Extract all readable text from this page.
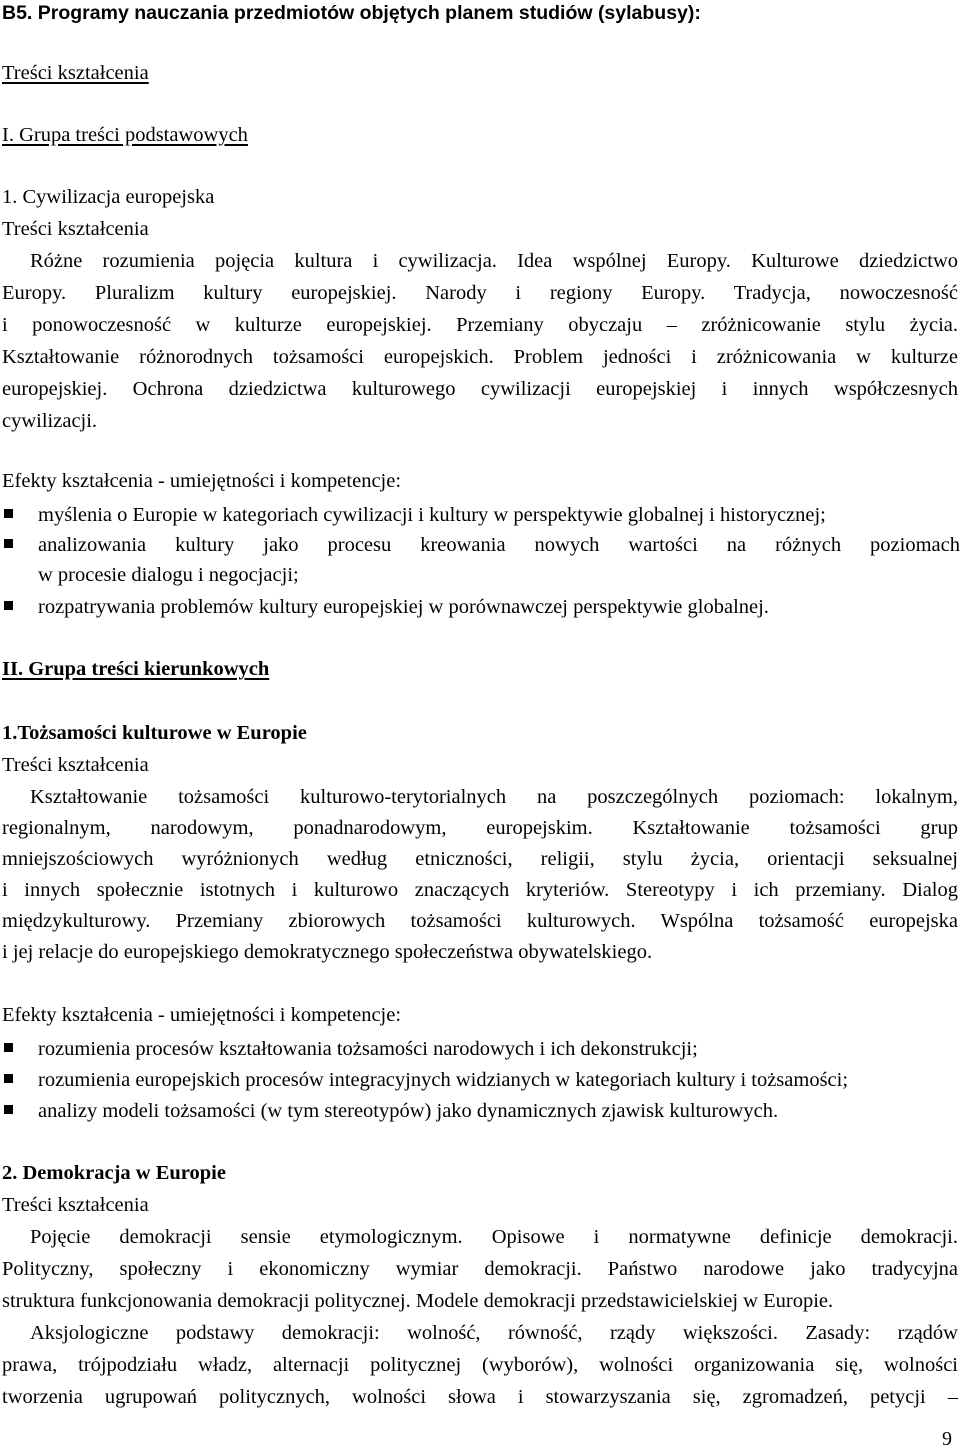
B5. Programy nauczania przedmiotów objętych planem studiów (sylabusy):
Treści kształcenia
I. Grupa treści podstawowych
1. Cywilizacja europejska
Treści kształcenia
Różne rozumienia pojęcia kultura i cywilizacja. Idea wspólnej Europy. Kulturowe dziedzictwo
Europy. Pluralizm kultury europejskiej. Narody i regiony Europy. Tradycja, nowoczesność
i ponowoczesność w kulturze europejskiej. Przemiany obyczaju – zróżnicowanie stylu życia.
Kształtowanie różnorodnych tożsamości europejskich. Problem jedności i zróżnicowania w kulturze
europejskiej. Ochrona dziedzictwa kulturowego cywilizacji europejskiej i innych współczesnych
cywilizacji.
Efekty kształcenia - umiejętności i kompetencje:
myślenia o Europie w kategoriach cywilizacji i kultury w perspektywie globalnej i historycznej;
analizowania kultury jako procesu kreowania nowych wartości na różnych poziomach
w procesie dialogu i negocjacji;
rozpatrywania problemów kultury europejskiej w porównawczej perspektywie globalnej.
II. Grupa treści kierunkowych
1.Tożsamości kulturowe w Europie
Treści kształcenia
Kształtowanie tożsamości kulturowo-terytorialnych na poszczególnych poziomach: lokalnym,
regionalnym, narodowym, ponadnarodowym, europejskim. Kształtowanie tożsamości grup
mniejszościowych wyróżnionych według etniczności, religii, stylu życia, orientacji seksualnej
i innych społecznie istotnych i kulturowo znaczących kryteriów. Stereotypy i ich przemiany. Dialog
międzykulturowy. Przemiany zbiorowych tożsamości kulturowych. Wspólna tożsamość europejska
i jej relacje do europejskiego demokratycznego społeczeństwa obywatelskiego.
Efekty kształcenia - umiejętności i kompetencje:
rozumienia procesów kształtowania tożsamości narodowych i ich dekonstrukcji;
rozumienia europejskich procesów integracyjnych widzianych w kategoriach kultury i tożsamości;
analizy modeli tożsamości (w tym stereotypów) jako dynamicznych zjawisk kulturowych.
2. Demokracja w Europie
Treści kształcenia
Pojęcie demokracji sensie etymologicznym. Opisowe i normatywne definicje demokracji.
Polityczny, społeczny i ekonomiczny wymiar demokracji. Państwo narodowe jako tradycyjna
struktura funkcjonowania demokracji politycznej. Modele demokracji przedstawicielskiej w Europie.
Aksjologiczne podstawy demokracji: wolność, równość, rządy większości. Zasady: rządów
prawa, trójpodziału władz, alternacji politycznej (wyborów), wolności organizowania się, wolności
tworzenia ugrupowań politycznych, wolności słowa i stowarzyszania się, zgromadzeń, petycji –
9
